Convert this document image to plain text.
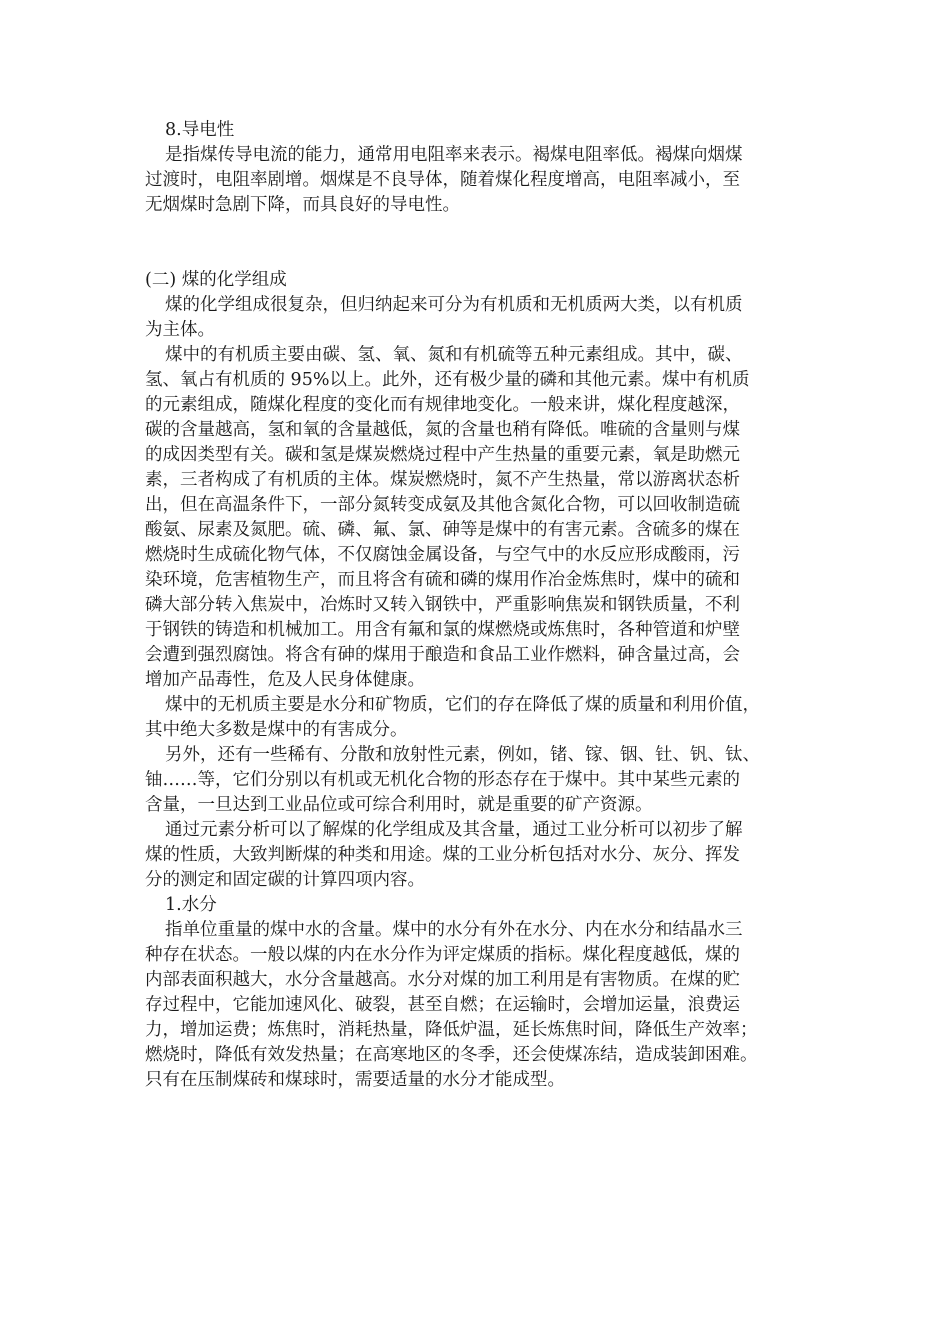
8.导电性
是指煤传导电流的能力，通常用电阻率来表示。褐煤电阻率低。褐煤向烟煤
过渡时，电阻率剧增。烟煤是不良导体，随着煤化程度增高，电阻率减小，至
无烟煤时急剧下降，而具良好的导电性。
(二) 煤的化学组成
煤的化学组成很复杂，但归纳起来可分为有机质和无机质两大类，以有机质
为主体。
煤中的有机质主要由碳、氢、氧、氮和有机硫等五种元素组成。其中，碳、
氢、氧占有机质的 95%以上。此外，还有极少量的磷和其他元素。煤中有机质
的元素组成，随煤化程度的变化而有规律地变化。一般来讲，煤化程度越深，
碳的含量越高，氢和氧的含量越低，氮的含量也稍有降低。唯硫的含量则与煤
的成因类型有关。碳和氢是煤炭燃烧过程中产生热量的重要元素，氧是助燃元
素，三者构成了有机质的主体。煤炭燃烧时，氮不产生热量，常以游离状态析
出，但在高温条件下，一部分氮转变成氨及其他含氮化合物，可以回收制造硫
酸氨、尿素及氮肥。硫、磷、氟、氯、砷等是煤中的有害元素。含硫多的煤在
燃烧时生成硫化物气体，不仅腐蚀金属设备，与空气中的水反应形成酸雨，污
染环境，危害植物生产，而且将含有硫和磷的煤用作冶金炼焦时，煤中的硫和
磷大部分转入焦炭中，冶炼时又转入钢铁中，严重影响焦炭和钢铁质量，不利
于钢铁的铸造和机械加工。用含有氟和氯的煤燃烧或炼焦时，各种管道和炉壁
会遭到强烈腐蚀。将含有砷的煤用于酿造和食品工业作燃料，砷含量过高，会
增加产品毒性，危及人民身体健康。
煤中的无机质主要是水分和矿物质，它们的存在降低了煤的质量和利用价值，
其中绝大多数是煤中的有害成分。
另外，还有一些稀有、分散和放射性元素，例如，锗、镓、铟、钍、钒、钛、
铀……等，它们分别以有机或无机化合物的形态存在于煤中。其中某些元素的
含量，一旦达到工业品位或可综合利用时，就是重要的矿产资源。
通过元素分析可以了解煤的化学组成及其含量，通过工业分析可以初步了解
煤的性质，大致判断煤的种类和用途。煤的工业分析包括对水分、灰分、挥发
分的测定和固定碳的计算四项内容。
1.水分
指单位重量的煤中水的含量。煤中的水分有外在水分、内在水分和结晶水三
种存在状态。一般以煤的内在水分作为评定煤质的指标。煤化程度越低，煤的
内部表面积越大，水分含量越高。水分对煤的加工利用是有害物质。在煤的贮
存过程中，它能加速风化、破裂，甚至自燃；在运输时，会增加运量，浪费运
力，增加运费；炼焦时，消耗热量，降低炉温，延长炼焦时间，降低生产效率；
燃烧时，降低有效发热量；在高寒地区的冬季，还会使煤冻结，造成装卸困难。
只有在压制煤砖和煤球时，需要适量的水分才能成型。
